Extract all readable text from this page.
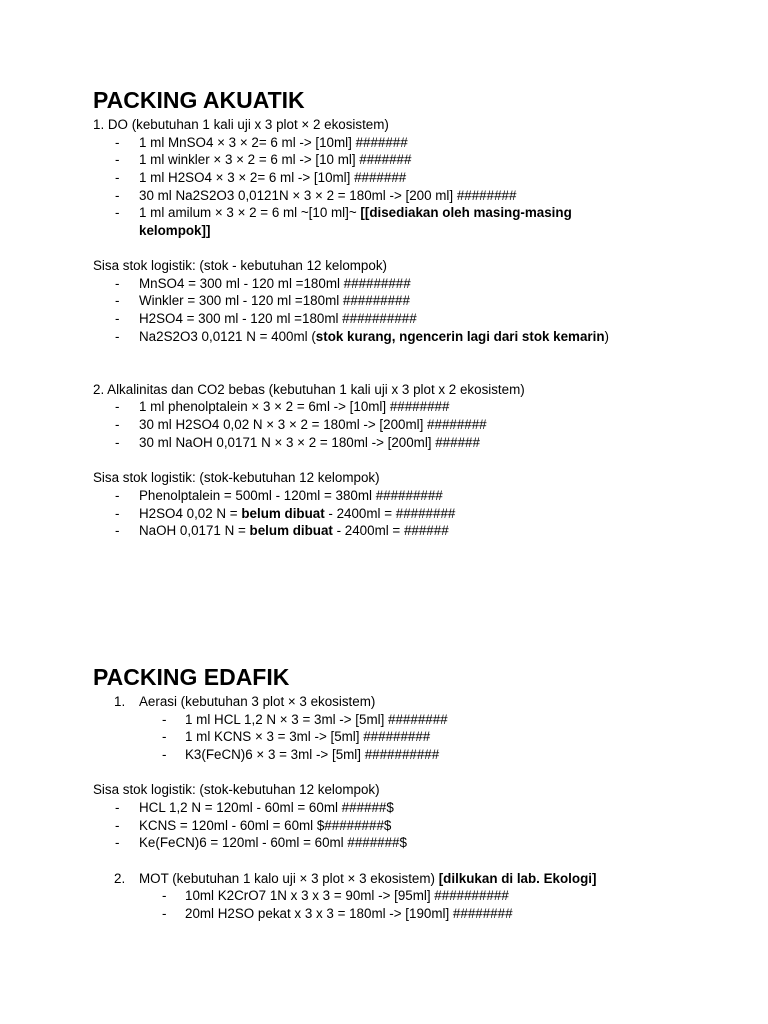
PACKING AKUATIK
1. DO (kebutuhan 1 kali uji x 3 plot × 2 ekosistem)
- 1 ml MnSO4 × 3 × 2= 6 ml -> [10ml] #######
- 1 ml winkler × 3 × 2 = 6 ml -> [10 ml] #######
- 1 ml H2SO4 × 3 × 2= 6 ml -> [10ml] #######
- 30 ml Na2S2O3 0,0121N × 3 × 2 = 180ml -> [200 ml] ########
- 1 ml amilum × 3 × 2 = 6 ml ~[10 ml]~ [[disediakan oleh masing-masing
kelompok]]
Sisa stok logistik: (stok - kebutuhan 12 kelompok)
- MnSO4 = 300 ml - 120 ml =180ml #########
- Winkler = 300 ml - 120 ml =180ml #########
- H2SO4 = 300 ml - 120 ml =180ml ##########
- Na2S2O3 0,0121 N = 400ml (stok kurang, ngencerin lagi dari stok kemarin)
2. Alkalinitas dan CO2 bebas (kebutuhan 1 kali uji x 3 plot x 2 ekosistem)
- 1 ml phenolptalein × 3 × 2 = 6ml -> [10ml] ########
- 30 ml H2SO4 0,02 N × 3 × 2 = 180ml -> [200ml] ########
- 30 ml NaOH 0,0171 N × 3 × 2 = 180ml -> [200ml] ######
Sisa stok logistik: (stok-kebutuhan 12 kelompok)
- Phenolptalein = 500ml - 120ml = 380ml #########
- H2SO4 0,02 N = belum dibuat - 2400ml = ########
- NaOH 0,0171 N = belum dibuat - 2400ml = ######
PACKING EDAFIK
1. Aerasi (kebutuhan 3 plot × 3 ekosistem)
- 1 ml HCL 1,2 N × 3 = 3ml -> [5ml] ########
- 1 ml KCNS × 3 = 3ml -> [5ml] #########
- K3(FeCN)6 × 3 = 3ml -> [5ml] ##########
Sisa stok logistik: (stok-kebutuhan 12 kelompok)
- HCL 1,2 N = 120ml - 60ml = 60ml ######$
- KCNS = 120ml - 60ml = 60ml $########$
- Ke(FeCN)6 = 120ml - 60ml = 60ml #######$
2. MOT (kebutuhan 1 kalo uji × 3 plot × 3 ekosistem) [dilkukan di lab. Ekologi]
- 10ml K2CrO7 1N x 3 x 3 = 90ml -> [95ml] ##########
- 20ml H2SO pekat x 3 x 3 = 180ml -> [190ml] ########
